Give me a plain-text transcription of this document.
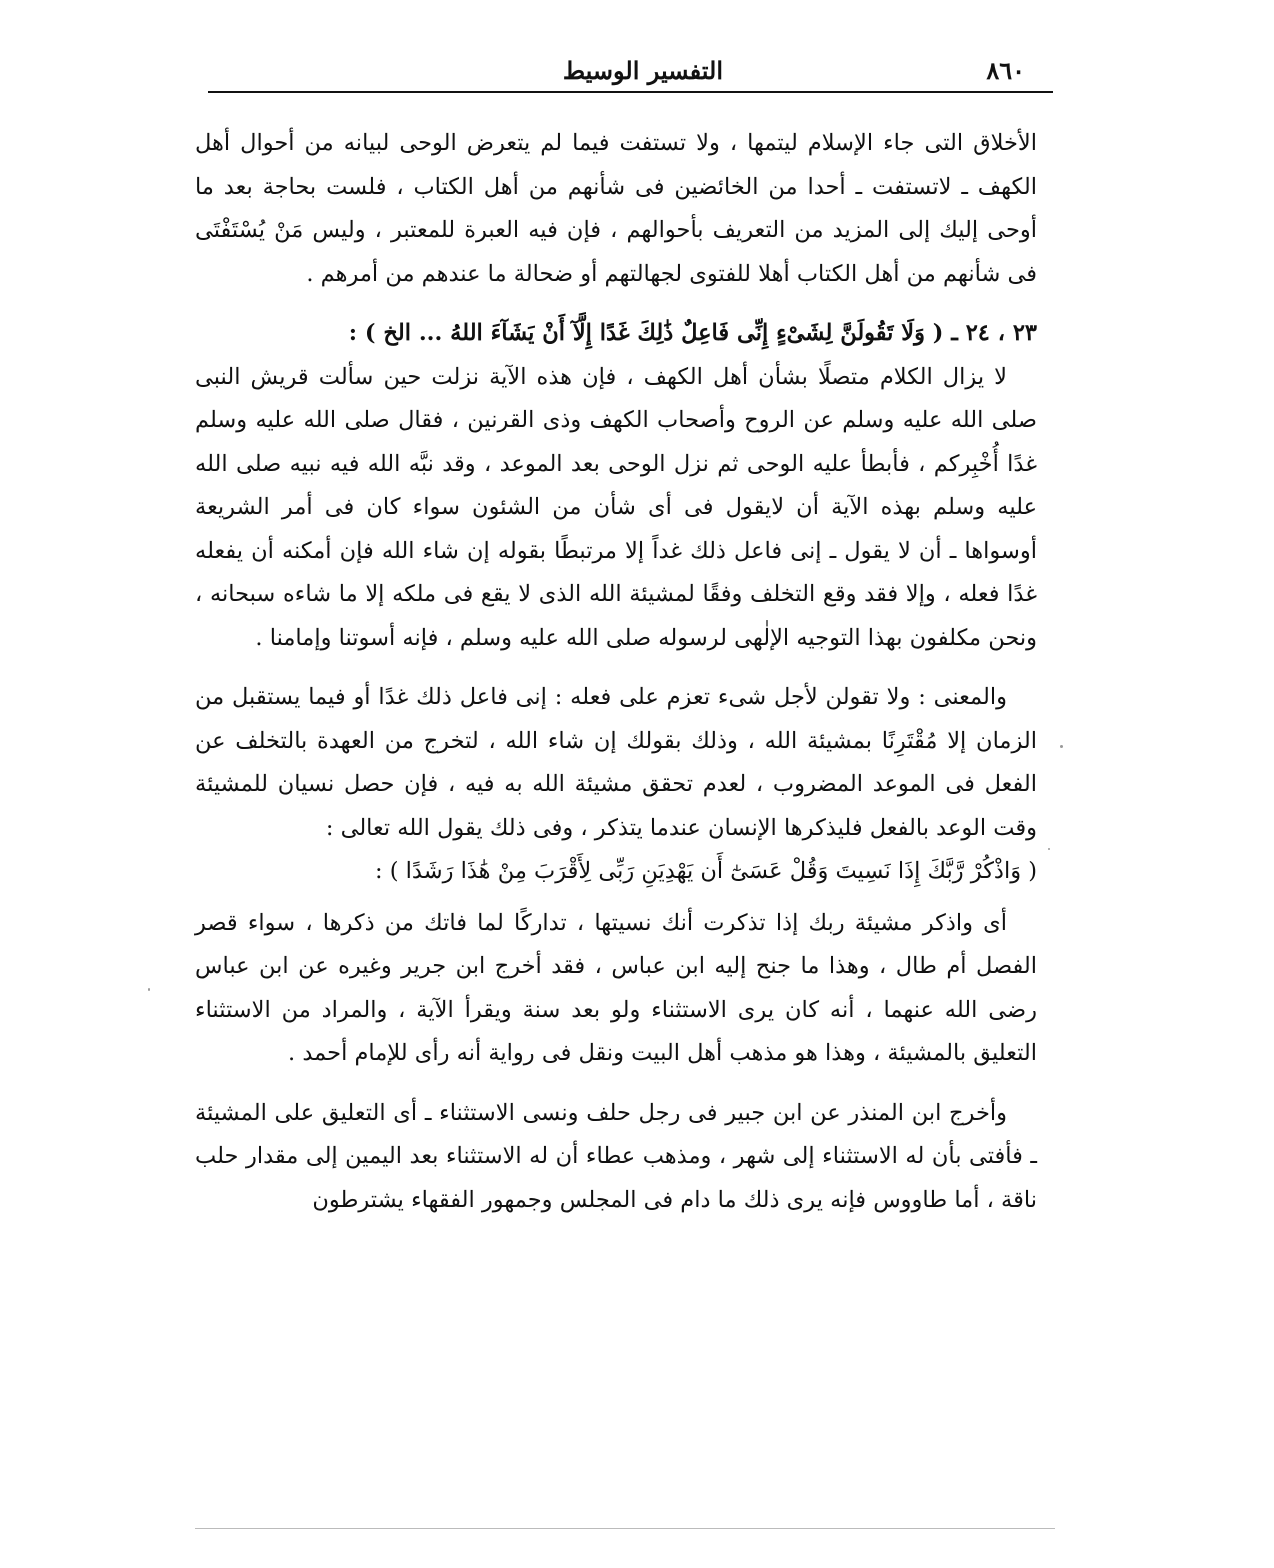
التفسير الوسيط	٨٦٠

الأخلاق التى جاء الإسلام ليتمها ، ولا تستفت فيما لم يتعرض الوحى لبيانه من أحوال أهل الكهف ـ لاتستفت ـ أحدا من الخائضين فى شأنهم من أهل الكتاب ، فلست بحاجة بعد ما أوحى إليك إلى المزيد من التعريف بأحوالهم ، فإن فيه العبرة للمعتبر ، وليس مَنْ يُسْتَفْتَى فى شأنهم من أهل الكتاب أهلا للفتوى لجهالتهم أو ضحالة ما عندهم من أمرهم .

٢٣ ، ٢٤ ـ ( وَلَا تَقُولَنَّ لِشَىْءٍ إِنِّى فَاعِلٌ ذَٰلِكَ غَدًا إِلَّآ أَنْ يَشَآءَ اللهُ ... الخ ) :

لا يزال الكلام متصلًا بشأن أهل الكهف ، فإن هذه الآية نزلت حين سألت قريش النبى صلى الله عليه وسلم عن الروح وأصحاب الكهف وذى القرنين ، فقال صلى الله عليه وسلم غدًا أُخْبِركم ، فأبطأ عليه الوحى ثم نزل الوحى بعد الموعد ، وقد نبَّه الله فيه نبيه صلى الله عليه وسلم بهذه الآية أن لايقول فى أى شأن من الشئون سواء كان فى أمر الشريعة أوسواها ـ أن لا يقول ـ إنى فاعل ذلك غداً إلا مرتبطًا بقوله إن شاء الله فإن أمكنه أن يفعله غدًا فعله ، وإلا فقد وقع التخلف وفقًا لمشيئة الله الذى لا يقع فى ملكه إلا ما شاءه سبحانه ، ونحن مكلفون بهذا التوجيه الإلٰهى لرسوله صلى الله عليه وسلم ، فإنه أسوتنا وإمامنا .

والمعنى : ولا تقولن لأجل شىء تعزم على فعله : إنى فاعل ذلك غدًا أو فيما يستقبل من الزمان إلا مُقْتَرِنًا بمشيئة الله ، وذلك بقولك إن شاء الله ، لتخرج من العهدة بالتخلف عن الفعل فى الموعد المضروب ، لعدم تحقق مشيئة الله به فيه ، فإن حصل نسيان للمشيئة وقت الوعد بالفعل فليذكرها الإنسان عندما يتذكر ، وفى ذلك يقول الله تعالى :

( وَاذْكُرْ رَّبَّكَ إِذَا نَسِيتَ وَقُلْ عَسَىٰٓ أَن يَهْدِيَنِ رَبِّى لِأَقْرَبَ مِنْ هَٰذَا رَشَدًا ) :

أى واذكر مشيئة ربك إذا تذكرت أنك نسيتها ، تداركًا لما فاتك من ذكرها ، سواء قصر الفصل أم طال ، وهذا ما جنح إليه ابن عباس ، فقد أخرج ابن جرير وغيره عن ابن عباس رضى الله عنهما ، أنه كان يرى الاستثناء ولو بعد سنة ويقرأ الآية ، والمراد من الاستثناء التعليق بالمشيئة ، وهذا هو مذهب أهل البيت ونقل فى رواية أنه رأى للإمام أحمد .

وأخرج ابن المنذر عن ابن جبير فى رجل حلف ونسى الاستثناء ـ أى التعليق على المشيئة ـ فأفتى بأن له الاستثناء إلى شهر ، ومذهب عطاء أن له الاستثناء بعد اليمين إلى مقدار حلب ناقة ، أما طاووس فإنه يرى ذلك ما دام فى المجلس وجمهور الفقهاء يشترطون
